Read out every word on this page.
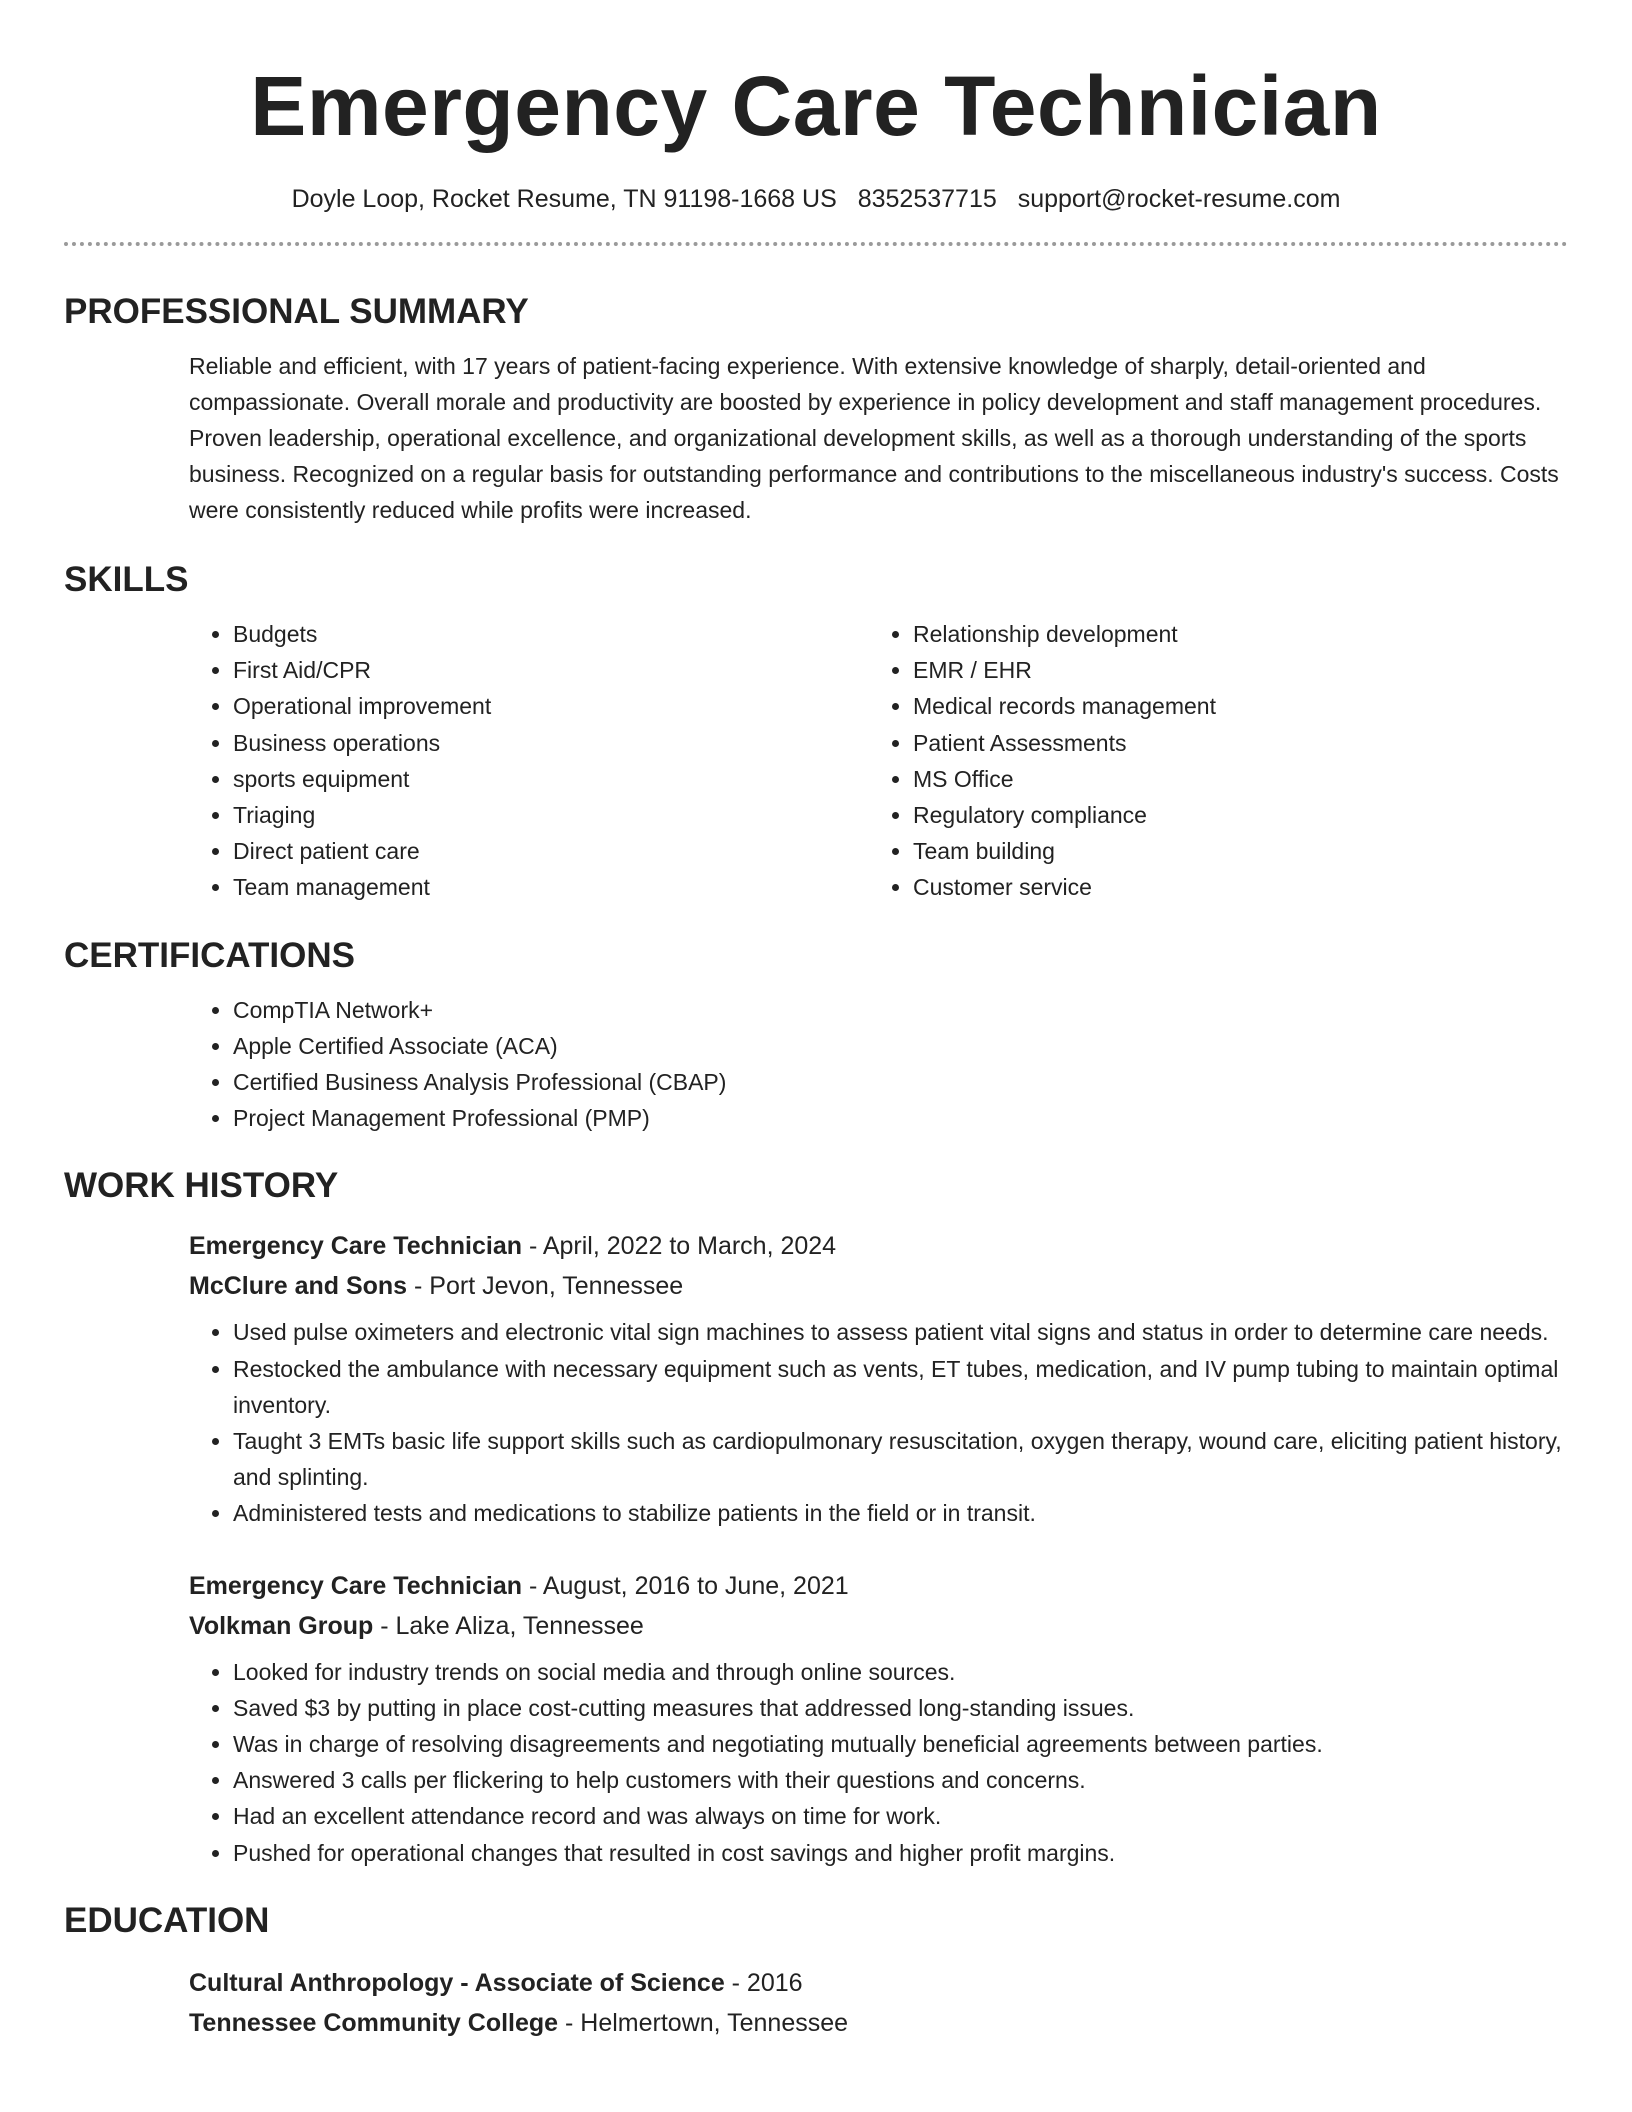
Emergency Care Technician
Doyle Loop, Rocket Resume, TN 91198-1668 US 8352537715 support@rocket-resume.com
PROFESSIONAL SUMMARY

Reliable and efficient, with 17 years of patient-facing experience. With extensive knowledge of sharply, detail-oriented and compassionate. Overall morale and productivity are boosted by experience in policy development and staff management procedures. Proven leadership, operational excellence, and organizational development skills, as well as a thorough understanding of the sports business. Recognized on a regular basis for outstanding performance and contributions to the miscellaneous industry's success. Costs were consistently reduced while profits were increased.

SKILLS
• Budgets
• First Aid/CPR
• Operational improvement
• Business operations
• sports equipment
• Triaging
• Direct patient care
• Team management
• Relationship development
• EMR / EHR
• Medical records management
• Patient Assessments
• MS Office
• Regulatory compliance
• Team building
• Customer service
CERTIFICATIONS
• CompTIA Network+
• Apple Certified Associate (ACA)
• Certified Business Analysis Professional (CBAP)
• Project Management Professional (PMP)
WORK HISTORY
Emergency Care Technician - April, 2022 to March, 2024
McClure and Sons - Port Jevon, Tennessee
• Used pulse oximeters and electronic vital sign machines to assess patient vital signs and status in order to determine care needs.
• Restocked the ambulance with necessary equipment such as vents, ET tubes, medication, and IV pump tubing to maintain optimal inventory.
• Taught 3 EMTs basic life support skills such as cardiopulmonary resuscitation, oxygen therapy, wound care, eliciting patient history, and splinting.
• Administered tests and medications to stabilize patients in the field or in transit.
Emergency Care Technician - August, 2016 to June, 2021
Volkman Group - Lake Aliza, Tennessee
• Looked for industry trends on social media and through online sources.
• Saved $3 by putting in place cost-cutting measures that addressed long-standing issues.
• Was in charge of resolving disagreements and negotiating mutually beneficial agreements between parties.
• Answered 3 calls per flickering to help customers with their questions and concerns.
• Had an excellent attendance record and was always on time for work.
• Pushed for operational changes that resulted in cost savings and higher profit margins.
EDUCATION
Cultural Anthropology - Associate of Science - 2016
Tennessee Community College - Helmertown, Tennessee
